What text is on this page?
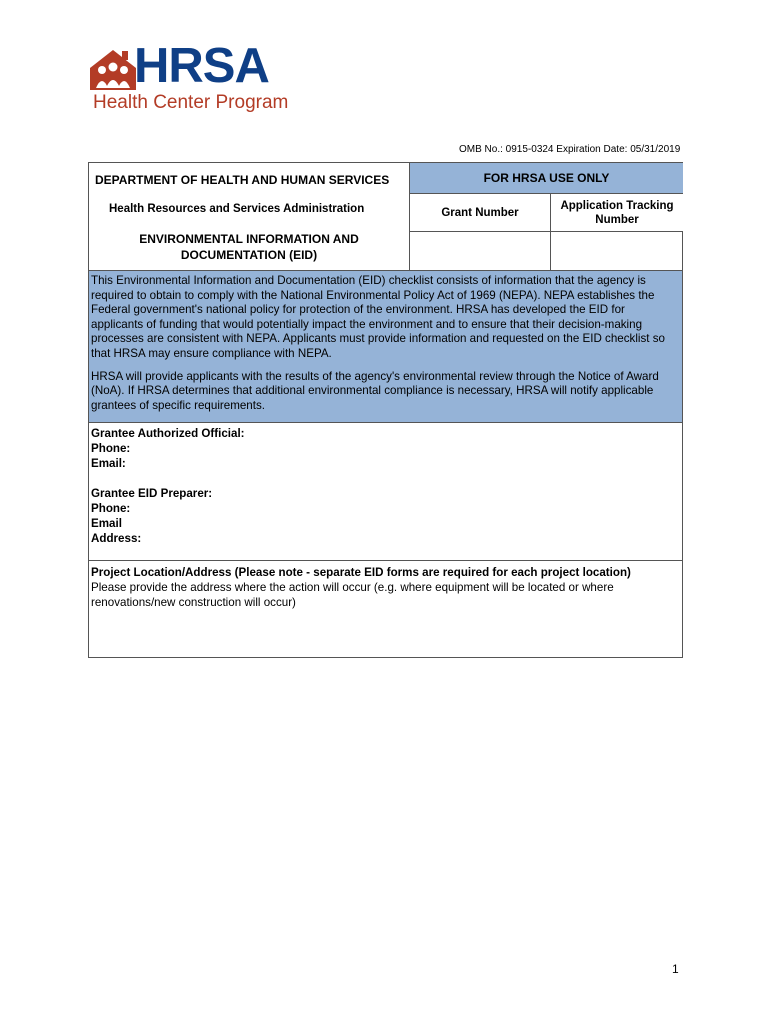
HRSA
Health Center Program
OMB No.: 0915-0324 Expiration Date: 05/31/2019
DEPARTMENT OF HEALTH AND HUMAN SERVICES
Health Resources and Services Administration
ENVIRONMENTAL INFORMATION AND
DOCUMENTATION (EID)
FOR HRSA USE ONLY
Grant Number
Application Tracking
Number

This Environmental Information and Documentation (EID) checklist consists of information that the agency is required to obtain to comply with the National Environmental Policy Act of 1969 (NEPA). NEPA establishes the Federal government's national policy for protection of the environment. HRSA has developed the EID for applicants of funding that would potentially impact the environment and to ensure that their decision-making processes are consistent with NEPA. Applicants must provide information and requested on the EID checklist so that HRSA may ensure compliance with NEPA.

HRSA will provide applicants with the results of the agency's environmental review through the Notice of Award (NoA). If HRSA determines that additional environmental compliance is necessary, HRSA will notify applicable grantees of specific requirements.

Grantee Authorized Official:
Phone:
Email:
Grantee EID Preparer:
Phone:
Email
Address:
Project Location/Address (Please note - separate EID forms are required for each project location)
Please provide the address where the action will occur (e.g. where equipment will be located or where renovations/new construction will occur)
1
